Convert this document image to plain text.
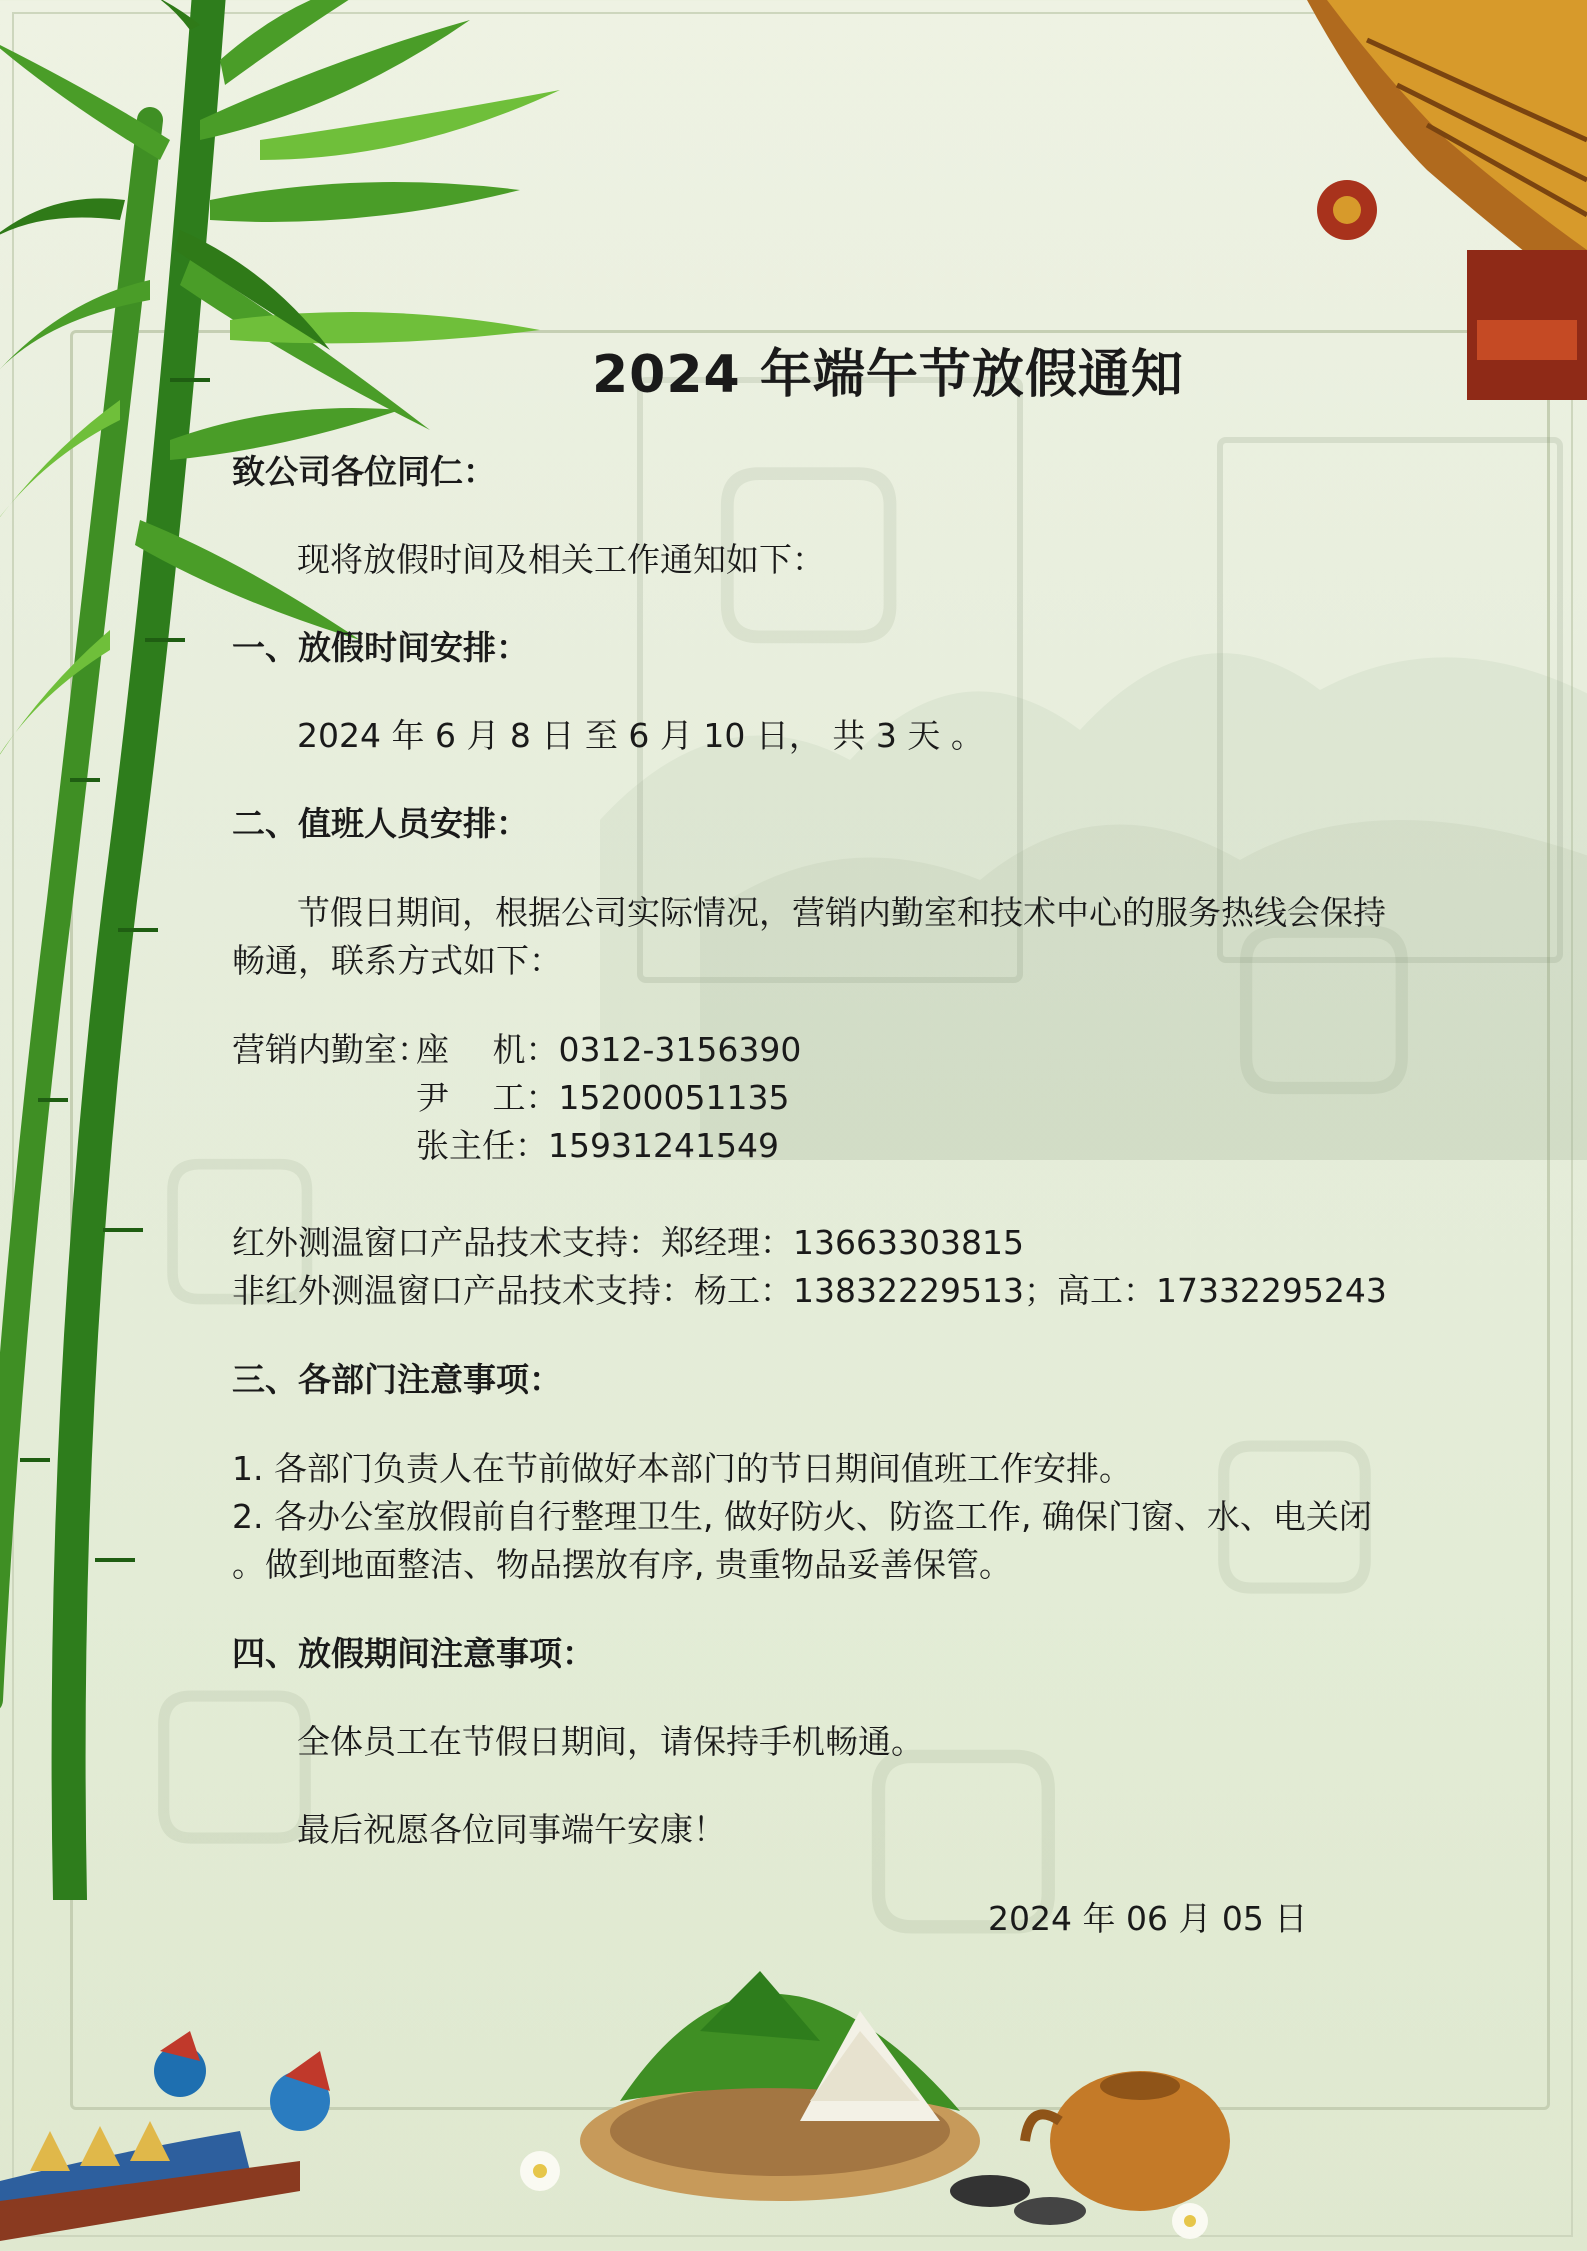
▢
▢ ▢
▢
▢
2024 年端午节放假通知
致公司各位同仁：
现将放假时间及相关工作通知如下：
一、放假时间安排：
2024 年 6 月 8 日 至 6 月 10 日， 共 3 天 。
二、值班人员安排：
节假日期间，根据公司实际情况，营销内勤室和技术中心的服务热线会保持
畅通，联系方式如下：
营销内勤室：座　 机：0312-3156390
尹　 工：15200051135
张主任：15931241549
红外测温窗口产品技术支持：郑经理：13663303815
非红外测温窗口产品技术支持：杨工：13832229513；高工：17332295243
三、各部门注意事项：
1. 各部门负责人在节前做好本部门的节日期间值班工作安排。
2. 各办公室放假前自行整理卫生, 做好防火、防盗工作, 确保门窗、水、电关闭
。做到地面整洁、物品摆放有序, 贵重物品妥善保管。
四、放假期间注意事项：
全体员工在节假日期间，请保持手机畅通。
最后祝愿各位同事端午安康！
2024 年 06 月 05 日
